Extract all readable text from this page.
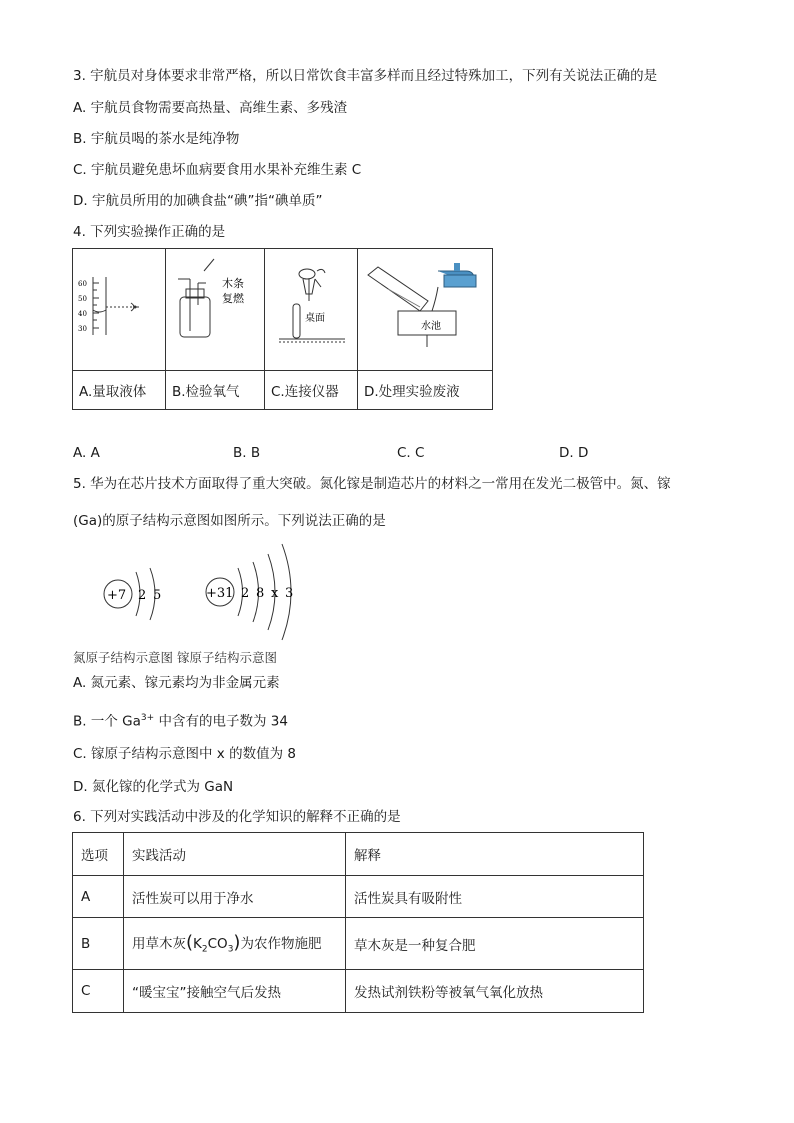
3. 宇航员对身体要求非常严格，所以日常饮食丰富多样而且经过特殊加工，下列有关说法正确的是
A. 宇航员食物需要高热量、高维生素、多残渣
B. 宇航员喝的茶水是纯净物
C. 宇航员避免患坏血病要食用水果补充维生素 C
D. 宇航员所用的加碘食盐“碘”指“碘单质”
4. 下列实验操作正确的是
60
50
40
30	木条
复燃	桌面	水池

A.量取液体	B.检验氧气	C.连接仪器	D.处理实验废液
A. A	B. B	C. C	D. D
5. 华为在芯片技术方面取得了重大突破。氮化镓是制造芯片的材料之一常用在发光二极管中。氮、镓
(Ga)的原子结构示意图如图所示。下列说法正确的是
+7 2 5	+31 2 8 x 3
氮原子结构示意图 镓原子结构示意图
A. 氮元素、镓元素均为非金属元素
B. 一个 $Ga^{3+}$ 中含有的电子数为 34
C. 镓原子结构示意图中 x 的数值为 8
D. 氮化镓的化学式为 GaN
6. 下列对实践活动中涉及的化学知识的解释不正确的是
选项	实践活动	解释
A	活性炭可以用于净水	活性炭具有吸附性
B	用草木灰$(K_2CO_3)$为农作物施肥	草木灰是一种复合肥
C	“暖宝宝”接触空气后发热	发热试剂铁粉等被氧气氧化放热
